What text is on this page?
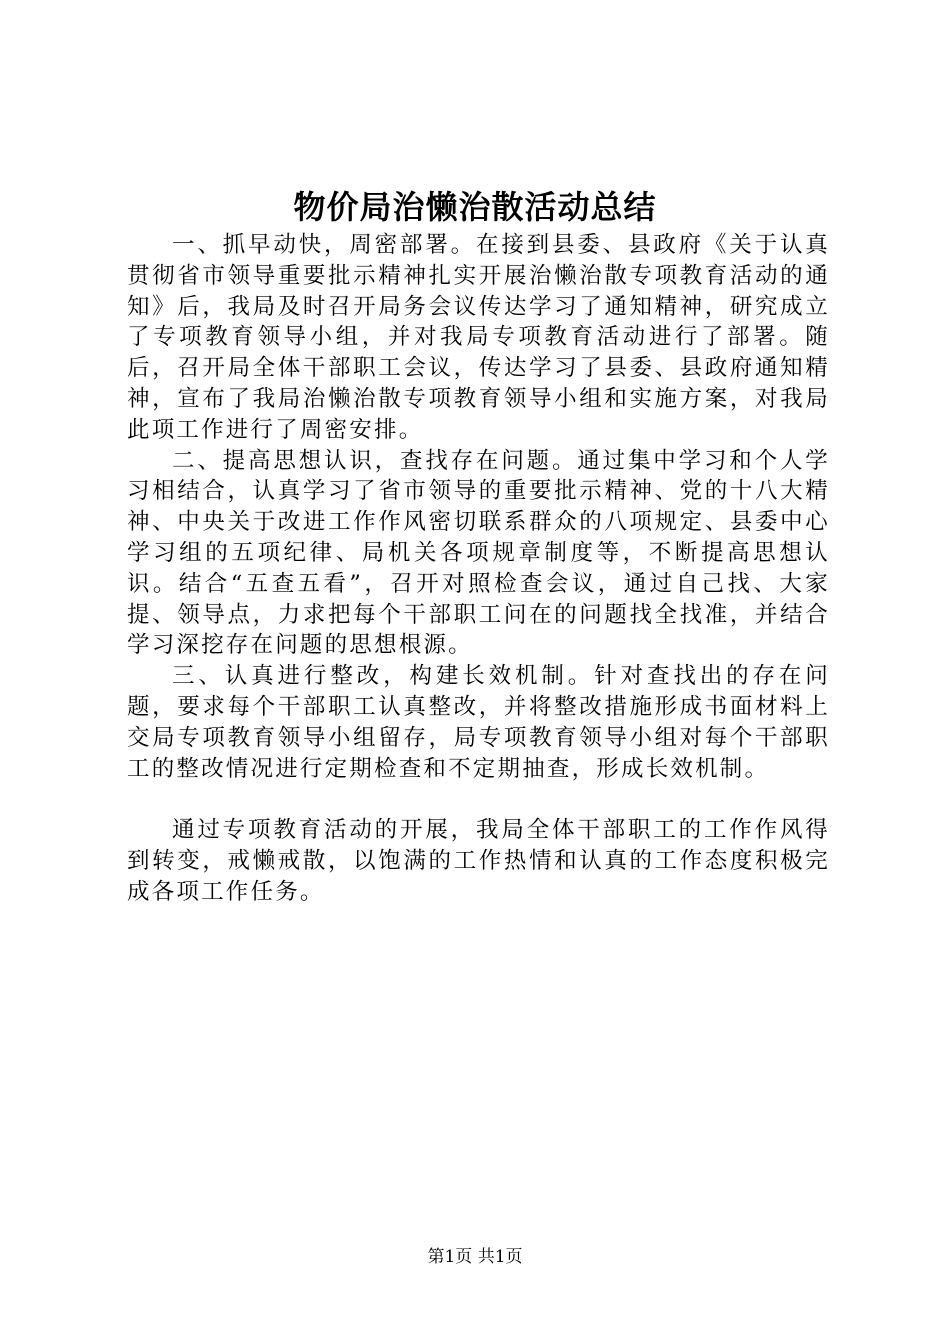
物价局治懒治散活动总结

一、抓早动快，周密部署。在接到县委、县政府《关于认真贯彻省市领导重要批示精神扎实开展治懒治散专项教育活动的通知》后，我局及时召开局务会议传达学习了通知精神，研究成立了专项教育领导小组，并对我局专项教育活动进行了部署。随后，召开局全体干部职工会议，传达学习了县委、县政府通知精神，宣布了我局治懒治散专项教育领导小组和实施方案，对我局此项工作进行了周密安排。

二、提高思想认识，查找存在问题。通过集中学习和个人学习相结合，认真学习了省市领导的重要批示精神、党的十八大精神、中央关于改进工作作风密切联系群众的八项规定、县委中心学习组的五项纪律、局机关各项规章制度等，不断提高思想认识。结合“五查五看”，召开对照检查会议，通过自己找、大家提、领导点，力求把每个干部职工问在的问题找全找准，并结合学习深挖存在问题的思想根源。

三、认真进行整改，构建长效机制。针对查找出的存在问题，要求每个干部职工认真整改，并将整改措施形成书面材料上交局专项教育领导小组留存，局专项教育领导小组对每个干部职工的整改情况进行定期检查和不定期抽查，形成长效机制。

通过专项教育活动的开展，我局全体干部职工的工作作风得到转变，戒懒戒散，以饱满的工作热情和认真的工作态度积极完成各项工作任务。

第1页 共1页
